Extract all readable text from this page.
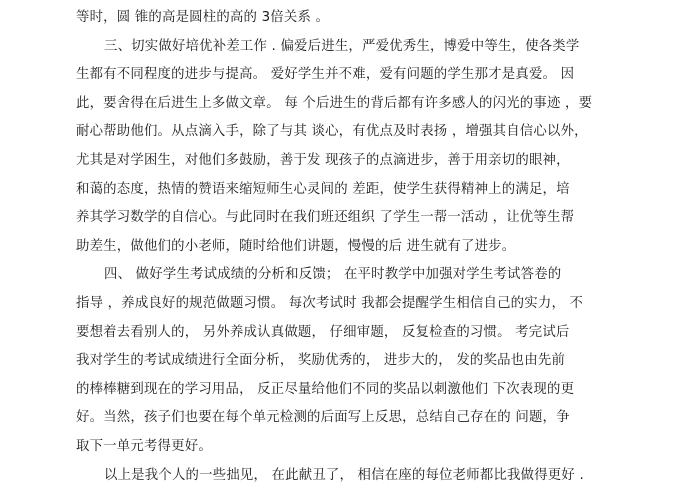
等时，圆 锥的高是圆柱的高的 3倍关系 。
三、切实做好培优补差工作 . 偏爱后进生，严爱优秀生，博爱中等生，使各类学
生都有不同程度的进步与提高。 爱好学生并不难，爱有问题的学生那才是真爱。 因
此，要舍得在后进生上多做文章。 每 个后进生的背后都有许多感人的闪光的事迹 ，要
耐心帮助他们。从点滴入手，除了与其 谈心，有优点及时表扬 ，增强其自信心以外，
尤其是对学困生，对他们多鼓励，善于发 现孩子的点滴进步，善于用亲切的眼神，
和蔼的态度，热情的赞语来缩短师生心灵间的 差距，使学生获得精神上的满足，培
养其学习数学的自信心。与此同时在我们班还组织 了学生一帮一活动 ，让优等生帮
助差生，做他们的小老师，随时给他们讲题，慢慢的后 进生就有了进步。
四、 做好学生考试成绩的分析和反馈； 在平时教学中加强对学生考试答卷的
指导 ，养成良好的规范做题习惯。 每次考试时 我都会提醒学生相信自己的实力， 不
要想着去看别人的， 另外养成认真做题， 仔细审题， 反复检查的习惯。 考完试后
我对学生的考试成绩进行全面分析， 奖励优秀的， 进步大的， 发的奖品也由先前
的棒棒糖到现在的学习用品， 反正尽量给他们不同的奖品以刺激他们 下次表现的更
好。当然，孩子们也要在每个单元检测的后面写上反思，总结自己存在的 问题，争
取下一单元考得更好。
以上是我个人的一些拙见， 在此献丑了， 相信在座的每位老师都比我做得更好 .
